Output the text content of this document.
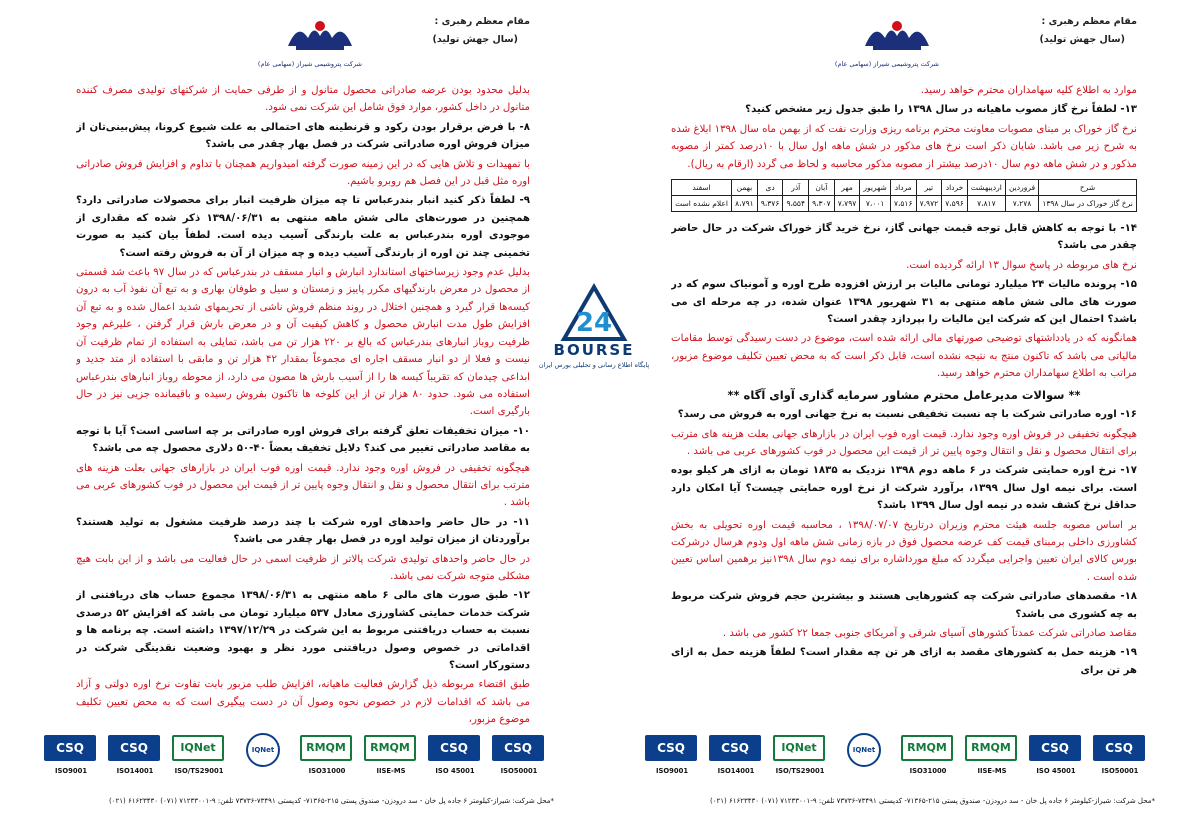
مقام معظم رهبری :
(سال جهش تولید)
شرکت پتروشیمی شیراز (سهامی عام)

موارد به اطلاع کلیه سهامداران محترم خواهد رسید.

۱۳- لطفاً نرخ گاز مصوب ماهیانه در سال ۱۳۹۸ را طبق جدول زیر مشخص کنید؟

نرخ گاز خوراک بر مبنای مصوبات معاونت محترم برنامه ریزی وزارت نفت که از بهمن ماه سال ۱۳۹۸ ابلاغ شده به شرح زیر می باشد. شایان ذکر است نرخ های مذکور در شش ماهه اول سال با ۱۰درصد کمتر از مصوبه مذکور و در شش ماهه دوم سال ۱۰درصد بیشتر از مصوبه مذکور محاسبه و لحاظ می گردد (ارقام به ریال).

شرح	فروردین	اردیبهشت	خرداد	تیر	مرداد	شهریور	مهر	آبان	آذر	دی	بهمن	اسفند
نرخ گاز خوراک در سال ۱۳۹۸	۷،۲۷۸	۷،۸۱۷	۷،۵۹۶	۷،۹۷۲	۷،۵۱۶	۷،۰۰۱	۷،۷۹۷	۹،۳۰۷	۹،۵۵۴	۹،۳۷۶	۸،۷۹۱	اعلام نشده است

۱۴- با توجه به کاهش قابل توجه قیمت جهانی گاز، نرخ خرید گاز خوراک شرکت در حال حاضر چقدر می باشد؟

نرخ های مربوطه در پاسخ سوال ۱۳ ارائه گردیده است.

۱۵- پرونده مالیات ۲۴ میلیارد تومانی مالیات بر ارزش افزوده طرح اوره و آمونیاک سوم که در صورت های مالی شش ماهه منتهی به ۳۱ شهریور ۱۳۹۸ عنوان شده، در چه مرحله ای می باشد؟ احتمال این که شرکت این مالیات را بپردازد چقدر است؟

همانگونه که در یادداشتهای توضیحی صورتهای مالی ارائه شده است، موضوع در دست رسیدگی توسط مقامات مالیاتی می باشد که تاکنون منتج به نتیجه نشده است، قابل ذکر است که به محض تعیین تکلیف موضوع مزبور، مراتب به اطلاع سهامداران محترم خواهد رسید.

** سوالات مدیرعامل محترم مشاور سرمایه گذاری آوای آگاه **

۱۶- اوره صادراتی شرکت با چه نسبت تخفیفی نسبت به نرخ جهانی اوره به فروش می رسد؟

هیچگونه تخفیفی در فروش اوره وجود ندارد. قیمت اوره فوب ایران در بازارهای جهانی بعلت هزینه های مترتب برای انتقال محصول و نقل و انتقال وجوه پایین تر از قیمت این محصول در فوب کشورهای عربی می باشد .

۱۷- نرخ اوره حمایتی شرکت در ۶ ماهه دوم ۱۳۹۸ نزدیک به ۱۸۳۵ تومان به ازای هر کیلو بوده است. برای نیمه اول سال ۱۳۹۹، برآورد شرکت از نرخ اوره حمایتی چیست؟ آیا امکان دارد حداقل نرخ کشف شده در نیمه اول سال ۱۳۹۹ باشد؟

بر اساس مصوبه جلسه هیئت محترم وزیران درتاریخ ۱۳۹۸/۰۷/۰۷ ، محاسبه قیمت اوره تحویلی به بخش کشاورزی داخلی برمبنای قیمت کف عرضه محصول فوق در بازه زمانی شش ماهه اول ودوم هرسال درشرکت بورس کالای ایران تعیین واجرایی میگردد که مبلغ مورداشاره برای نیمه دوم سال ۱۳۹۸نیز برهمین اساس تعیین شده است .

۱۸- مقصدهای صادراتی شرکت چه کشورهایی هستند و بیشترین حجم فروش شرکت مربوط به چه کشوری می باشد؟

مقاصد صادراتی شرکت عمدتاً کشورهای آسیای شرقی و آمریکای جنوبی جمعا ۲۲ کشور می باشد .

۱۹- هزینه حمل به کشورهای مقصد به ازای هر تن چه مقدار است؟ لطفاً هزینه حمل به ازای هر تن برای

CSQ
ISO9001
CSQ
ISO14001
IQNet
ISO/TS29001
IQNet	RMQM
ISO31000
RMQM
IISE-MS
CSQ
ISO 45001
CSQ
ISO50001
*محل شرکت: شیراز-کیلومتر ۶ جاده پل خان - سد درودزن- صندوق پستی ۲۱۵-۷۱۳۶۵- کدپستی ۷۳۴۹۱-۷۳۷۳۶ تلفن: ۹-۷۱۲۳۳۰۰۱ (۰۷۱) ۶۱۶۲۳۴۳۰ (۰۲۱)
مقام معظم رهبری :
(سال جهش تولید)
شرکت پتروشیمی شیراز (سهامی عام)

بدلیل محدود بودن عرضه صادراتی محصول متانول و از طرفی حمایت از شرکتهای تولیدی مصرف کننده متانول در داخل کشور، موارد فوق شامل این شرکت نمی شود.

۸- با فرض برقرار بودن رکود و قرنطینه های احتمالی به علت شیوع کرونا، پیش‌بینی‌تان از میزان فروش اوره صادراتی شرکت در فصل بهار چقدر می باشد؟

با تمهیدات و تلاش هایی که در این زمینه صورت گرفته امیدواریم همچنان با تداوم و افزایش فروش صادراتی اوره مثل قبل در این فصل هم روبرو باشیم.

۹- لطفاً ذکر کنید انبار بندرعباس تا چه میزان ظرفیت انبار برای محصولات صادراتی دارد؟ همچنین در صورت‌های مالی شش ماهه منتهی به ۱۳۹۸/۰۶/۳۱ ذکر شده که مقداری از موجودی اوره بندرعباس به علت بارندگی آسیب دیده است. لطفاً بیان کنید به صورت تخمینی چند تن اوره از بارندگی آسیب دیده و چه میزان از آن به فروش رفته است؟

بدلیل عدم وجود زیرساختهای استاندارد انبارش و انبار مسقف در بندرعباس که در سال ۹۷ باعث شد قسمتی از محصول در معرض بارندگیهای مکرر پاییز و زمستان و سیل و طوفان بهاری و به تبع آن نفوذ آب به درون کیسه‌ها قرار گیرد و همچنین اختلال در روند منظم فروش ناشی از تحریمهای شدید اعمال شده و به تبع آن افزایش طول مدت انبارش محصول و کاهش کیفیت آن و در معرض بارش قرار گرفتن ، علیرغم وجود ظرفیت روباز انبارهای بندرعباس که بالغ بر ۲۲۰ هزار تن می باشد، تمایلی به استفاده از تمام ظرفیت آن نیست و فعلا از دو انبار مسقف اجاره ای مجموعاً بمقدار ۴۲ هزار تن و مابقی با استفاده از متد جدید و ابداعی چیدمان که تقریباً کیسه ها را از آسیب بارش ها مصون می دارد، از محوطه روباز انبارهای بندرعباس استفاده می شود. حدود ۸۰ هزار تن از این کلوخه ها تاکنون بفروش رسیده و باقیمانده جزیی نیز در حال بارگیری است.

۱۰- میزان تخفیفات تعلق گرفته برای فروش اوره صادراتی بر چه اساسی است؟ آیا با توجه به مقاصد صادراتی تغییر می کند؟ دلایل تخفیف بعضاً ۴۰-۵۰ دلاری محصول چه می باشد؟

هیچگونه تخفیفی در فروش اوره وجود ندارد. قیمت اوره فوب ایران در بازارهای جهانی بعلت هزینه های مترتب برای انتقال محصول و نقل و انتقال وجوه پایین تر از قیمت این محصول در فوب کشورهای عربی می باشد .

۱۱- در حال حاضر واحدهای اوره شرکت با چند درصد ظرفیت مشغول به تولید هستند؟ برآوردتان از میزان تولید اوره در فصل بهار چقدر می باشد؟

در حال حاضر واحدهای تولیدی شرکت پالاتر از ظرفیت اسمی در حال فعالیت می باشد و از این بابت هیچ مشکلی متوجه شرکت نمی باشد.

۱۲- طبق صورت های مالی ۶ ماهه منتهی به ۱۳۹۸/۰۶/۳۱ مجموع حساب های دریافتنی از شرکت خدمات حمایتی کشاورزی معادل ۵۳۷ میلیارد تومان می باشد که افزایش ۵۲ درصدی نسبت به حساب دریافتنی مربوط به این شرکت در ۱۳۹۷/۱۲/۲۹ داشته است. چه برنامه ها و اقداماتی در خصوص وصول دریافتنی مورد نظر و بهبود وضعیت نقدینگی شرکت در دستورکار است؟

طبق اقتضاء مربوطه ذیل گزارش فعالیت ماهیانه، افزایش طلب مزبور بابت تفاوت نرخ اوره دولتی و آزاد می باشد که اقدامات لازم در خصوص نحوه وصول آن در دست پیگیری است که به محض تعیین تکلیف موضوع مزبور،

CSQ
ISO9001
CSQ
ISO14001
IQNet
ISO/TS29001
IQNet	RMQM
ISO31000
RMQM
IISE-MS
CSQ
ISO 45001
CSQ
ISO50001
*محل شرکت: شیراز-کیلومتر ۶ جاده پل خان - سد درودزن- صندوق پستی ۲۱۵-۷۱۳۶۵- کدپستی ۷۳۴۹۱-۷۳۷۳۶ تلفن: ۹-۷۱۲۳۳۰۰۱ (۰۷۱) ۶۱۶۲۳۴۳۰ (۰۲۱)
24
BOURSE
پایگاه اطلاع رسانی و تحلیلی بورس ایران
